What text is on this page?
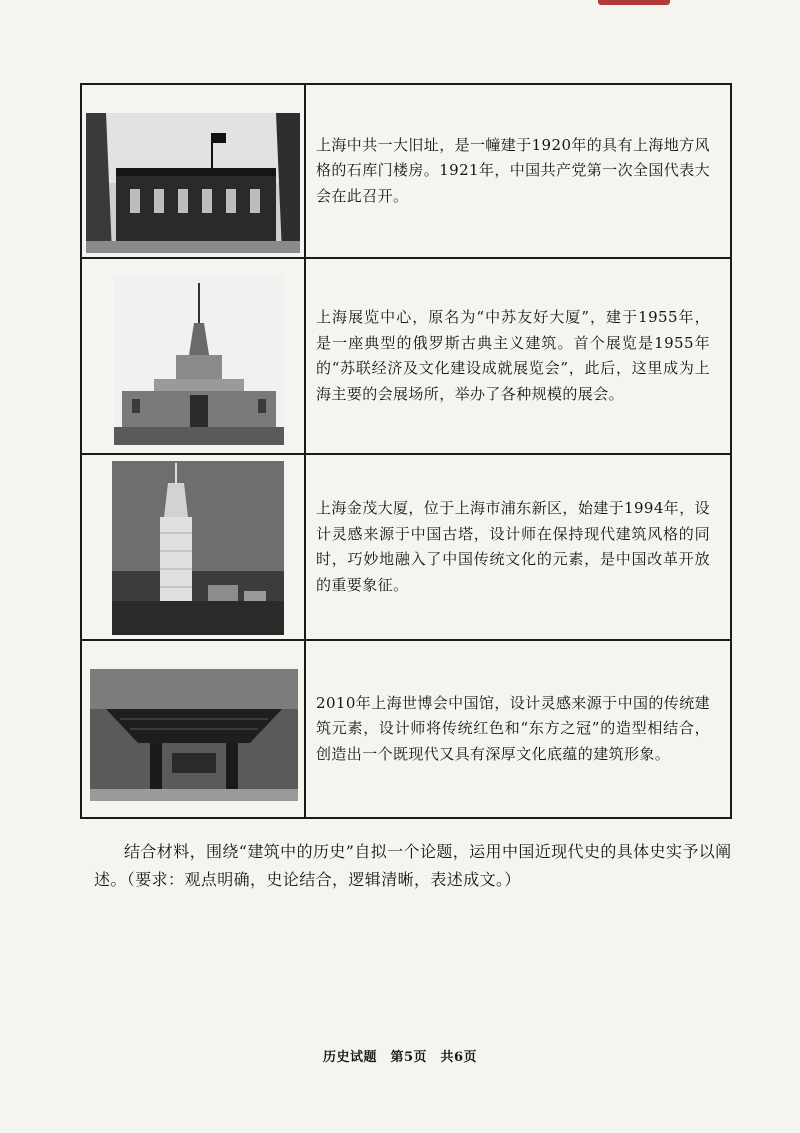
上海中共一大旧址，是一幢建于1920年的具有上海地方风格的石库门楼房。1921年，中国共产党第一次全国代表大会在此召开。

上海展览中心，原名为“中苏友好大厦”，建于1955年，是一座典型的俄罗斯古典主义建筑。首个展览是1955年的“苏联经济及文化建设成就展览会”，此后，这里成为上海主要的会展场所，举办了各种规模的展会。

上海金茂大厦，位于上海市浦东新区，始建于1994年，设计灵感来源于中国古塔，设计师在保持现代建筑风格的同时，巧妙地融入了中国传统文化的元素，是中国改革开放的重要象征。

2010年上海世博会中国馆，设计灵感来源于中国的传统建筑元素，设计师将传统红色和“东方之冠”的造型相结合，创造出一个既现代又具有深厚文化底蕴的建筑形象。

结合材料，围绕“建筑中的历史”自拟一个论题，运用中国近现代史的具体史实予以阐述。（要求：观点明确，史论结合，逻辑清晰，表述成文。）

历史试题　第5页　共6页
